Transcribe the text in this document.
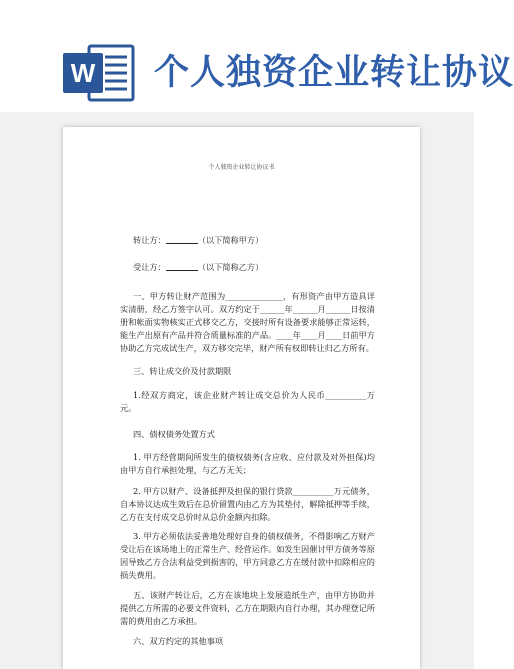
W 个人独资企业转让协议
个人独资企业转让协议书

转让方：	（以下简称甲方）

受让方：	（以下简称乙方）

一、甲方转让财产范围为______________，有形资产由甲方造具详实清册，经乙方签字认可。双方约定于______年______月______日按清册和帐面实物核实正式移交乙方，交接时所有设备要求能够正常运转，能生产出原有产品并符合质量标准的产品。____年____月____日前甲方协助乙方完成试生产，双方移交完毕，财产所有权即转让归乙方所有。

三、转让成交价及付款期限

1.经双方商定，该企业财产转让成交总价为人民币__________万元。

四、债权债务处置方式

1. 甲方经营期间所发生的债权债务(含应收、应付款及对外担保)均由甲方自行承担处理，与乙方无关；

2. 甲方以财产、设备抵押及担保的银行贷款__________万元债务，自本协议达成生效后在总价留置内由乙方为其垫付，解除抵押等手续，乙方在支付成交总价时从总价金额内扣除。

3. 甲方必须依法妥善地处理好自身的债权债务，不得影响乙方财产受让后在该场地上的正常生产、经营运作。如发生因催讨甲方债务等原因导致乙方合法利益受到损害的，甲方同意乙方在缓付款中扣除相应的损失费用。

五、该财产转让后，乙方在该地块上发展造纸生产，由甲方协助并提供乙方所需的必要文件资料，乙方在期限内自行办理，其办理登记所需的费用由乙方承担。

六、双方约定的其他事项
